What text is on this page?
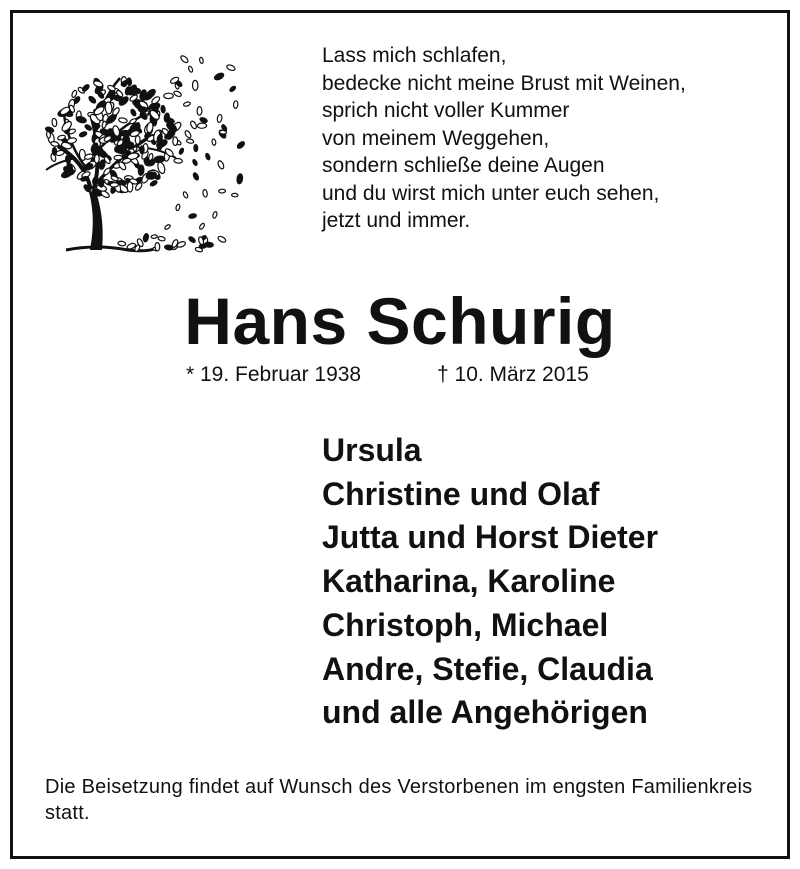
Lass mich schlafen,
bedecke nicht meine Brust mit Weinen,
sprich nicht voller Kummer
von meinem Weggehen,
sondern schließe deine Augen
und du wirst mich unter euch sehen,
jetzt und immer.
Hans Schurig
* 19. Februar 1938	† 10. März 2015
Ursula
Christine und Olaf
Jutta und Horst Dieter
Katharina, Karoline
Christoph, Michael
Andre, Stefie, Claudia
und alle Angehörigen
Die Beisetzung findet auf Wunsch des Verstorbenen im engsten Familienkreis statt.
